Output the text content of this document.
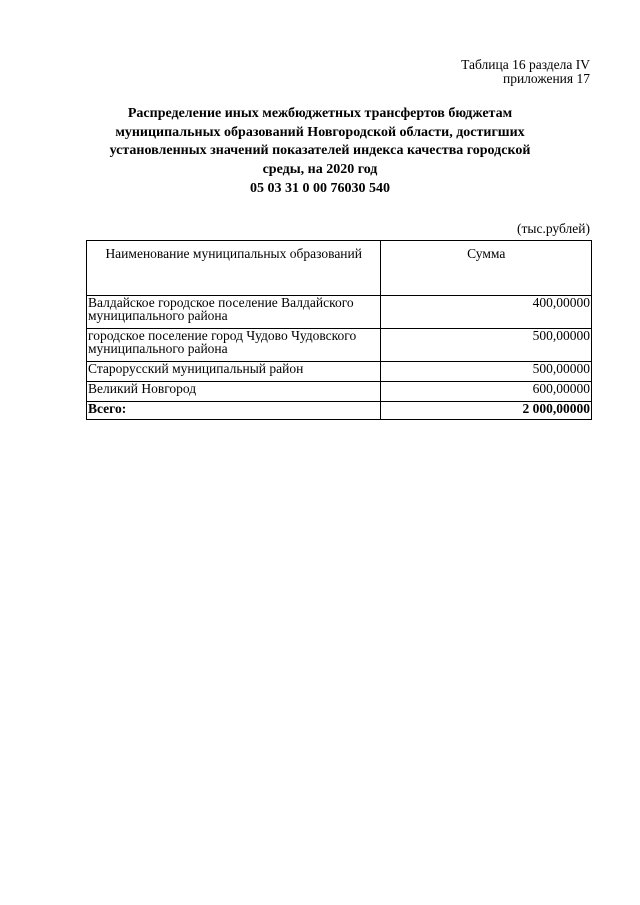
Таблица 16 раздела IV
приложения 17
Распределение иных межбюджетных трансфертов бюджетам муниципальных образований Новгородской области, достигших установленных значений показателей индекса качества городской среды, на 2020 год
05 03 31 0 00 76030 540
(тыс.рублей)
Наименование муниципальных образований	Сумма
Валдайское городское поселение Валдайского муниципального района	400,00000
городское поселение город Чудово Чудовского муниципального района	500,00000
Старорусский муниципальный район	500,00000
Великий Новгород	600,00000
Всего:	2 000,00000
